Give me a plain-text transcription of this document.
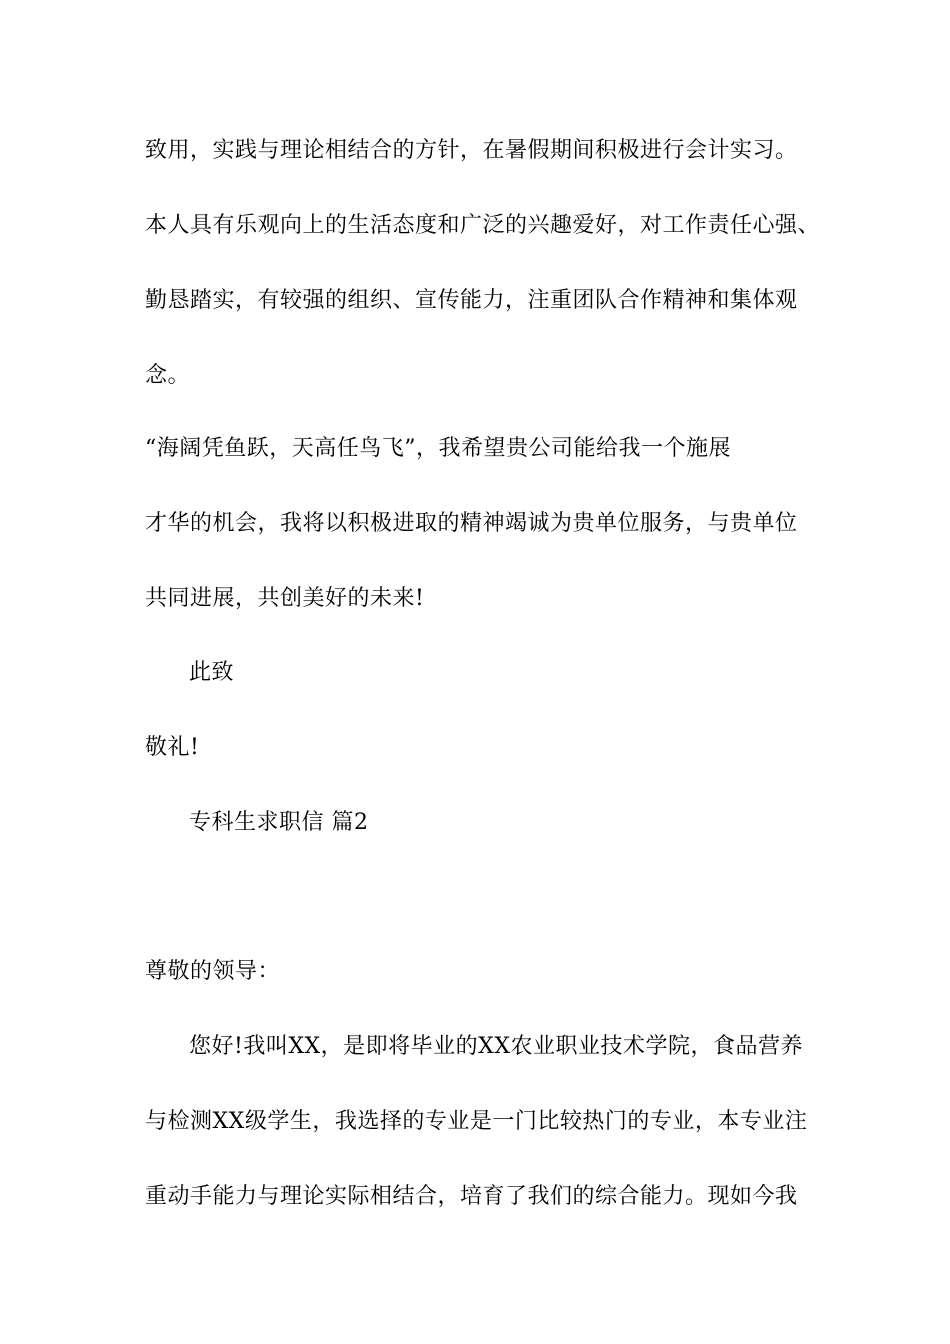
致用，实践与理论相结合的方针，在暑假期间积极进行会计实习。
本人具有乐观向上的生活态度和广泛的兴趣爱好，对工作责任心强、
勤恳踏实，有较强的组织、宣传能力，注重团队合作精神和集体观
念。
“海阔凭鱼跃，天高任鸟飞”，我希望贵公司能给我一个施展
才华的机会，我将以积极进取的精神竭诚为贵单位服务，与贵单位
共同进展，共创美好的未来!
此致
敬礼!
专科生求职信 篇2
尊敬的领导：
您好!我叫XX，是即将毕业的XX农业职业技术学院，食品营养
与检测XX级学生，我选择的专业是一门比较热门的专业，本专业注
重动手能力与理论实际相结合，培育了我们的综合能力。现如今我
